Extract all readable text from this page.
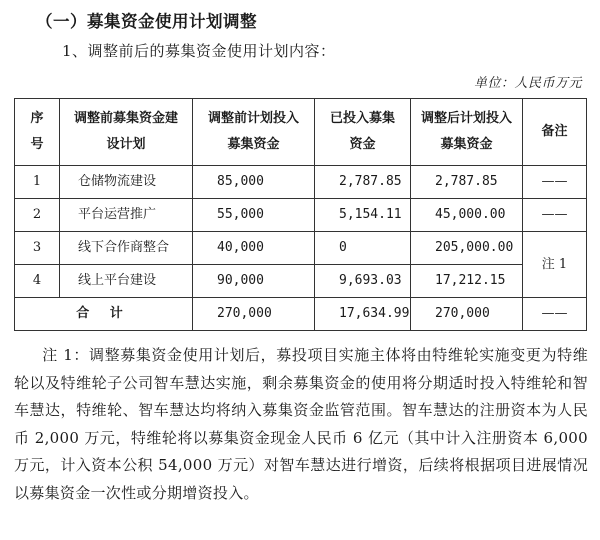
（一）募集资金使用计划调整
1、调整前后的募集资金使用计划内容：
单位：人民币万元
序号	调整前募集资金建设计划	调整前计划投入募集资金	已投入募集资金	调整后计划投入募集资金	备注
1	仓储物流建设	85,000	2,787.85	2,787.85	——
2	平台运营推广	55,000	5,154.11	45,000.00	——
3	线下合作商整合	40,000	0	205,000.00	注 1
4	线上平台建设	90,000	9,693.03	17,212.15	
合 计		270,000	17,634.99	270,000	——
注 1：调整募集资金使用计划后，募投项目实施主体将由特维轮实施变更为特维轮以及特维轮子公司智车慧达实施，剩余募集资金的使用将分期适时投入特维轮和智车慧达，特维轮、智车慧达均将纳入募集资金监管范围。智车慧达的注册资本为人民币 2,000 万元，特维轮将以募集资金现金人民币 6 亿元（其中计入注册资本 6,000 万元，计入资本公积 54,000 万元）对智车慧达进行增资，后续将根据项目进展情况以募集资金一次性或分期增资投入。
